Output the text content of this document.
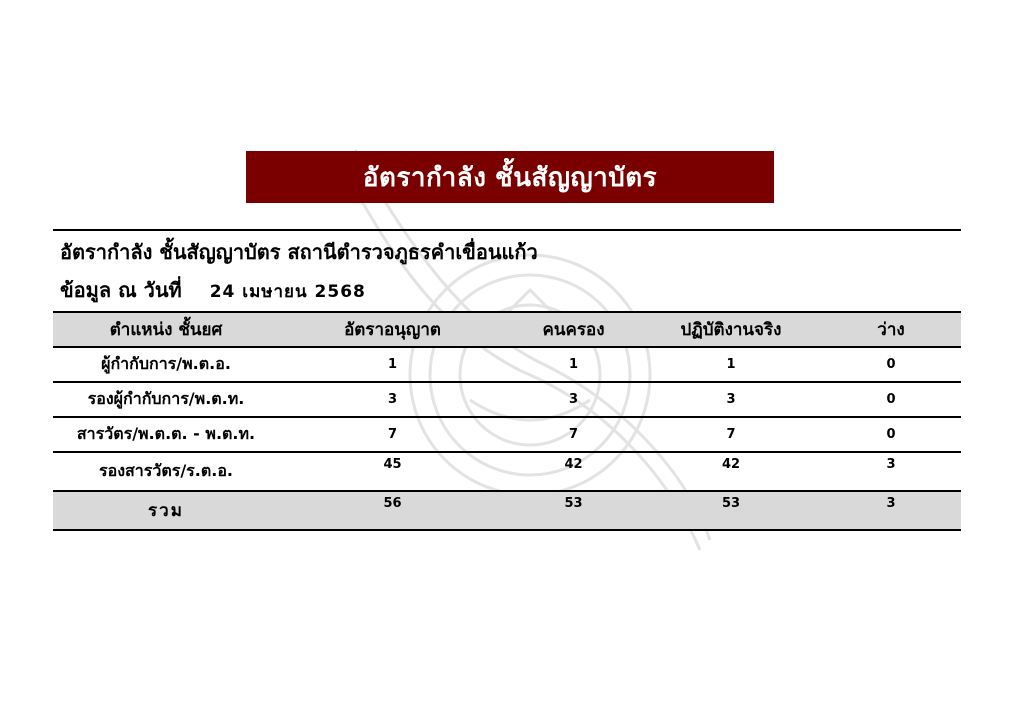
อัตรากำลัง ชั้นสัญญาบัตร
อัตรากำลัง ชั้นสัญญาบัตร สถานีตำรวจภูธรคำเขื่อนแก้ว
ข้อมูล ณ วันที่ 24 เมษายน 2568
ตำแหน่ง ชั้นยศ	อัตราอนุญาต	คนครอง	ปฏิบัติงานจริง	ว่าง
ผู้กำกับการ/พ.ต.อ.	1	1	1	0
รองผู้กำกับการ/พ.ต.ท.	3	3	3	0
สารวัตร/พ.ต.ต. - พ.ต.ท.	7	7	7	0
รองสารวัตร/ร.ต.อ.	45	42	42	3
รวม	56	53	53	3
